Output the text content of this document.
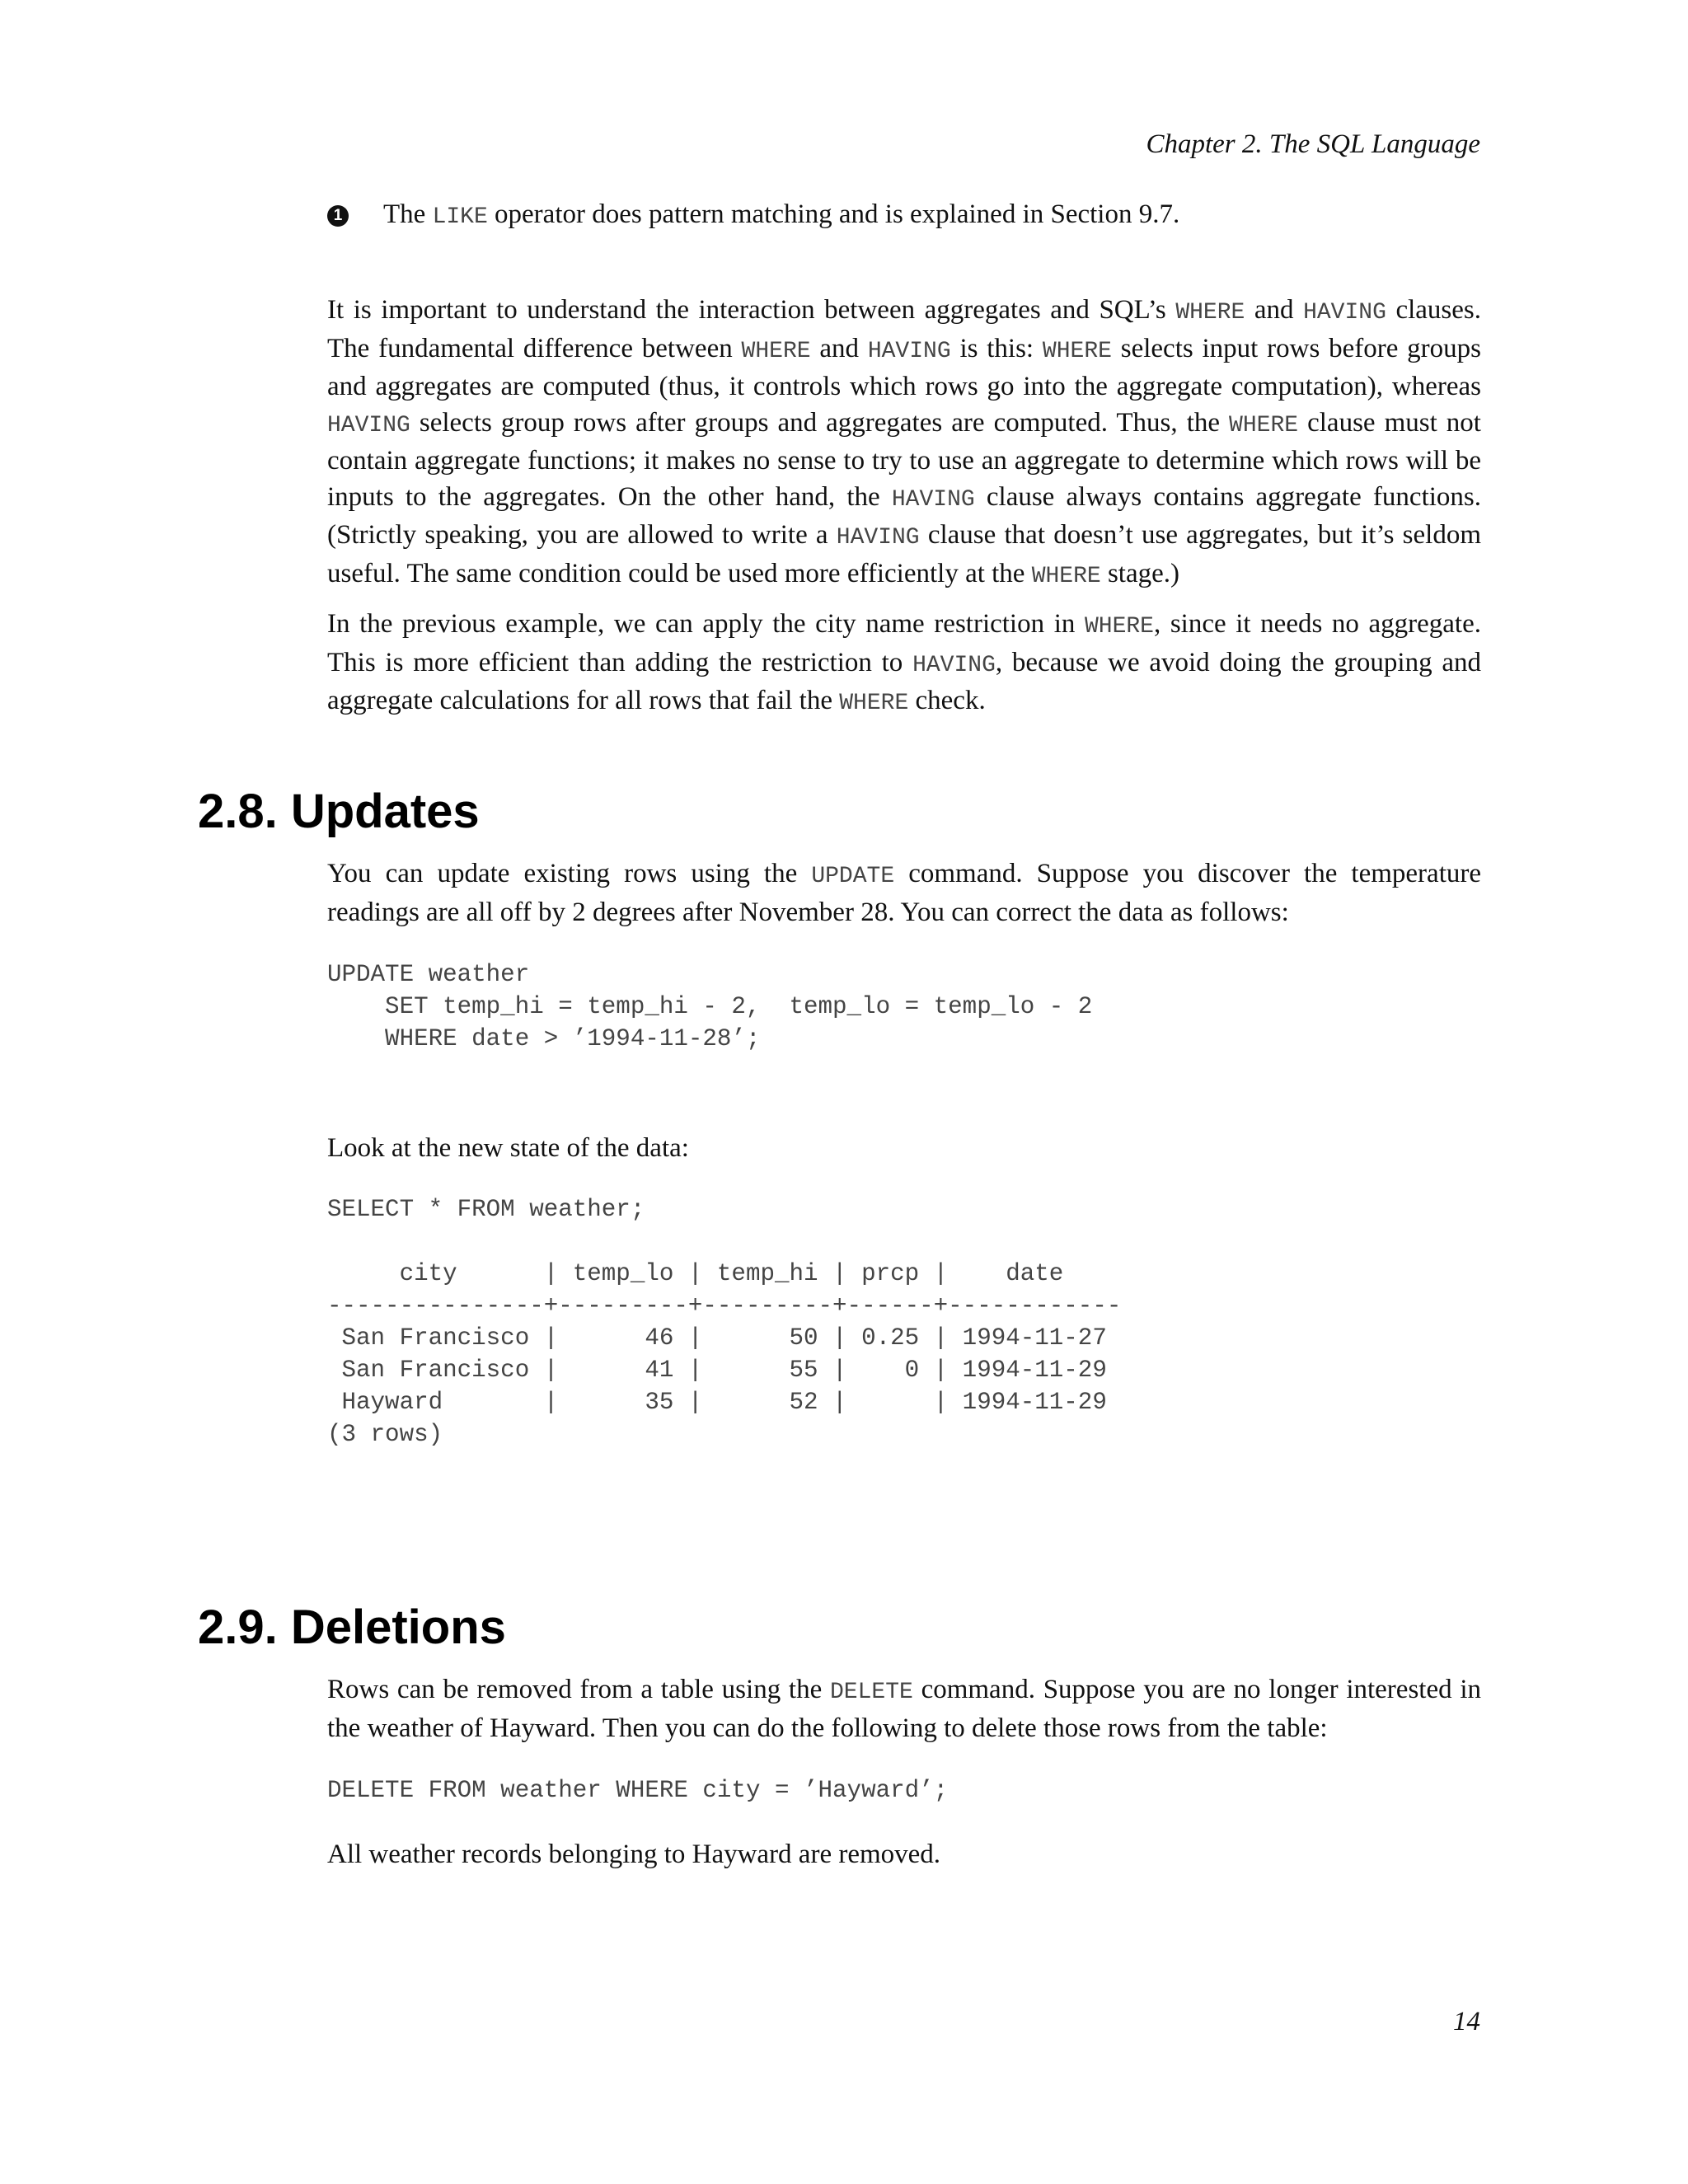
Chapter 2. The SQL Language

1 The LIKE operator does pattern matching and is explained in Section 9.7.

It is important to understand the interaction between aggregates and SQL’s WHERE and HAVING clauses. The fundamental difference between WHERE and HAVING is this: WHERE selects input rows before groups and aggregates are computed (thus, it controls which rows go into the aggregate computation), whereas HAVING selects group rows after groups and aggregates are computed. Thus, the WHERE clause must not contain aggregate functions; it makes no sense to try to use an aggregate to determine which rows will be inputs to the aggregates. On the other hand, the HAVING clause always contains aggregate functions. (Strictly speaking, you are allowed to write a HAVING clause that doesn’t use aggregates, but it’s seldom useful. The same condition could be used more efficiently at the WHERE stage.)

In the previous example, we can apply the city name restriction in WHERE, since it needs no aggregate. This is more efficient than adding the restriction to HAVING, because we avoid doing the grouping and aggregate calculations for all rows that fail the WHERE check.

2.8. Updates

You can update existing rows using the UPDATE command. Suppose you discover the temperature readings are all off by 2 degrees after November 28. You can correct the data as follows:

UPDATE weather
SET temp_hi = temp_hi - 2,  temp_lo = temp_lo - 2
WHERE date > ’1994-11-28’;

Look at the new state of the data:

SELECT * FROM weather;

city      | temp_lo | temp_hi | prcp |    date
---------------+---------+---------+------+------------
San Francisco |      46 |      50 | 0.25 | 1994-11-27
San Francisco |      41 |      55 |    0 | 1994-11-29
Hayward       |      35 |      52 |      | 1994-11-29
(3 rows)
2.9. Deletions

Rows can be removed from a table using the DELETE command. Suppose you are no longer interested in the weather of Hayward. Then you can do the following to delete those rows from the table:

DELETE FROM weather WHERE city = ’Hayward’;

All weather records belonging to Hayward are removed.

14
